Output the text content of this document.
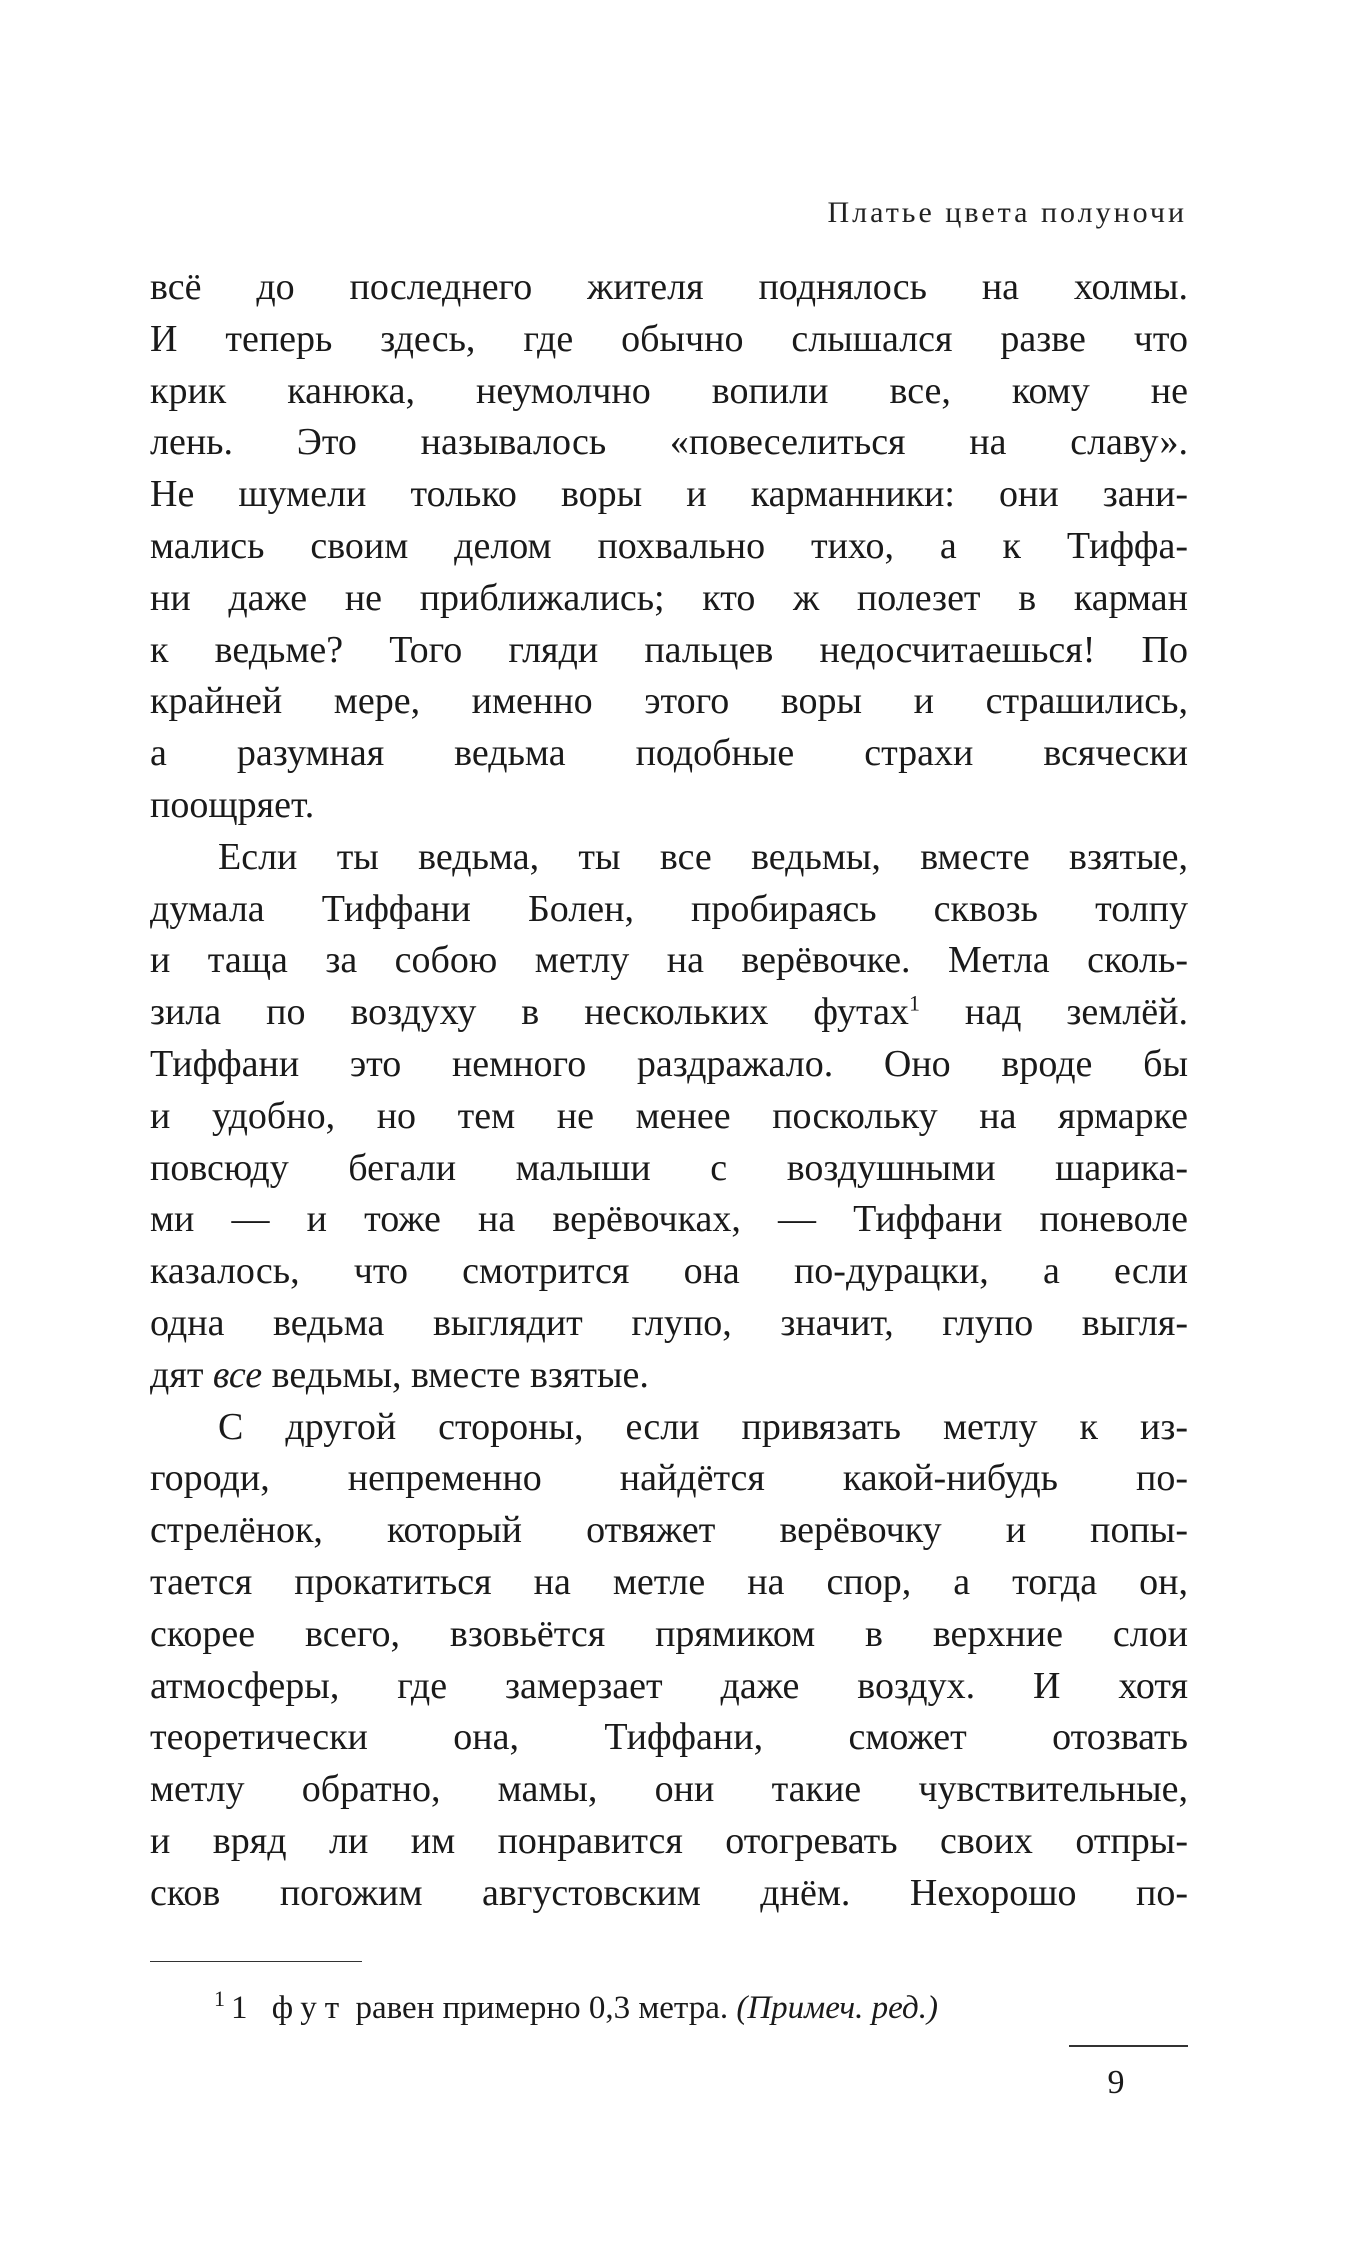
Платье цвета полуночи
всё до последнего жителя поднялось на холмы.
И теперь здесь, где обычно слышался разве что
крик канюка, неумолчно вопили все, кому не
лень. Это называлось «повеселиться на славу».
Не шумели только воры и карманники: они зани-
мались своим делом похвально тихо, а к Тиффа-
ни даже не приближались; кто ж полезет в карман
к ведьме? Того гляди пальцев недосчитаешься! По
крайней мере, именно этого воры и страшились,
а разумная ведьма подобные страхи всячески
поощряет.
Если ты ведьма, ты все ведьмы, вместе взятые,
думала Тиффани Болен, пробираясь сквозь толпу
и таща за собою метлу на верёвочке. Метла сколь-
зила по воздуху в нескольких футах$^1$ над землёй.
Тиффани это немного раздражало. Оно вроде бы
и удобно, но тем не менее поскольку на ярмарке
повсюду бегали малыши с воздушными шарика-
ми — и тоже на верёвочках, — Тиффани поневоле
казалось, что смотрится она по-дурацки, а если
одна ведьма выглядит глупо, значит, глупо выгля-
дят все ведьмы, вместе взятые.
С другой стороны, если привязать метлу к из-
городи, непременно найдётся какой-нибудь по-
стрелёнок, который отвяжет верёвочку и попы-
тается прокатиться на метле на спор, а тогда он,
скорее всего, взовьётся прямиком в верхние слои
атмосферы, где замерзает даже воздух. И хотя
теоретически она, Тиффани, сможет отозвать
метлу обратно, мамы, они такие чувствительные,
и вряд ли им понравится отогревать своих отпры-
сков погожим августовским днём. Нехорошо по-
$^1$ 1 фут равен примерно 0,3 метра. (Примеч. ред.)
9
